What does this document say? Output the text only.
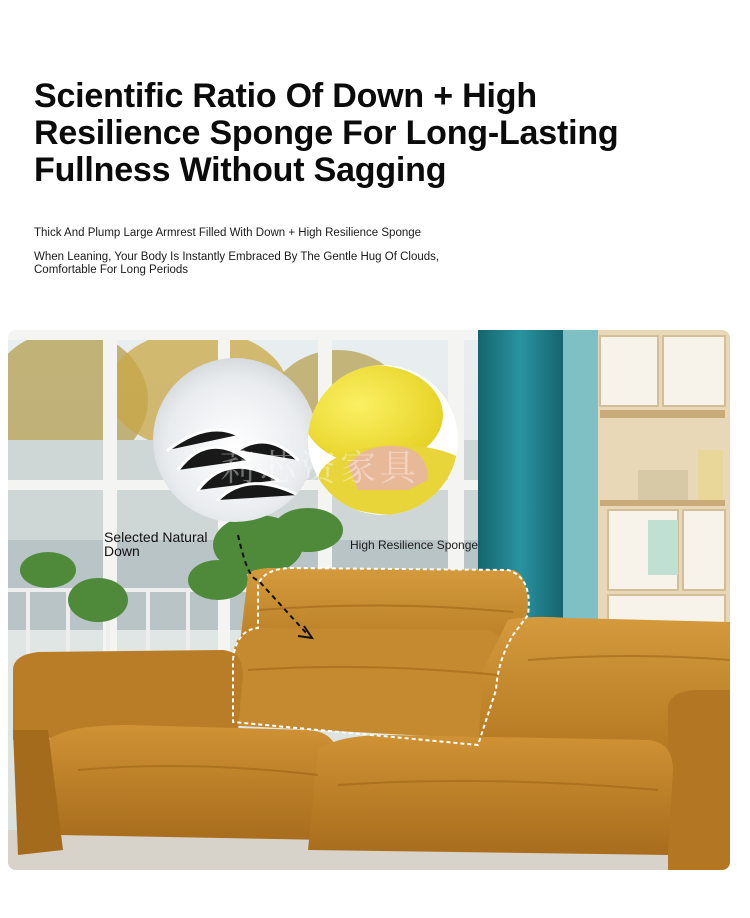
Scientific Ratio Of Down + High
Resilience Sponge For Long-Lasting
Fullness Without Sagging
Thick And Plump Large Armrest Filled With Down + High Resilience Sponge
When Leaning, Your Body Is Instantly Embraced By The Gentle Hug Of Clouds, Comfortable For Long Periods
莉芯资家具
Selected Natural Down	High Resilience Sponge
